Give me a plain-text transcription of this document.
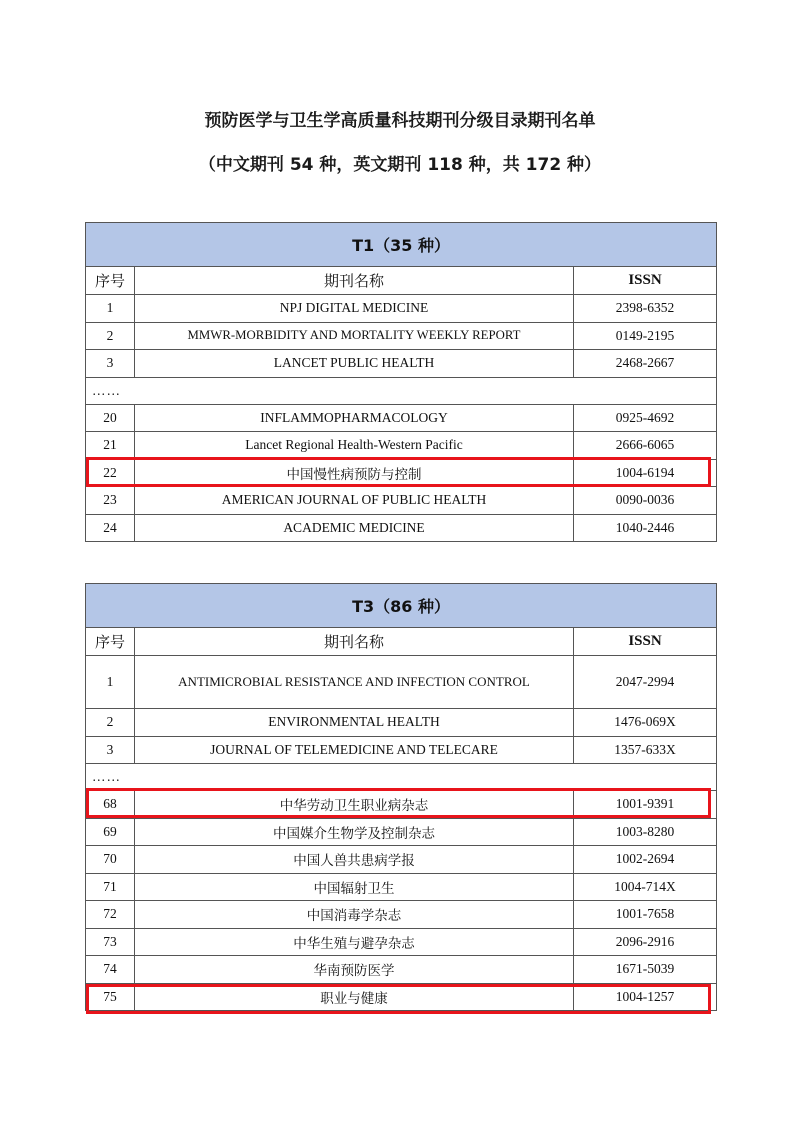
预防医学与卫生学高质量科技期刊分级目录期刊名单
（中文期刊 54 种，英文期刊 118 种，共 172 种）
T1（35 种）		
序号	期刊名称	ISSN
1	NPJ DIGITAL MEDICINE	2398-6352
2	MMWR-MORBIDITY AND MORTALITY WEEKLY REPORT	0149-2195
3	LANCET PUBLIC HEALTH	2468-2667
……		
20	INFLAMMOPHARMACOLOGY	0925-4692
21	Lancet Regional Health-Western Pacific	2666-6065
22	中国慢性病预防与控制	1004-6194
23	AMERICAN JOURNAL OF PUBLIC HEALTH	0090-0036
24	ACADEMIC MEDICINE	1040-2446
T3（86 种）		
序号	期刊名称	ISSN
1	ANTIMICROBIAL RESISTANCE AND INFECTION CONTROL	2047-2994
2	ENVIRONMENTAL HEALTH	1476-069X
3	JOURNAL OF TELEMEDICINE AND TELECARE	1357-633X
……		
68	中华劳动卫生职业病杂志	1001-9391
69	中国媒介生物学及控制杂志	1003-8280
70	中国人兽共患病学报	1002-2694
71	中国辐射卫生	1004-714X
72	中国消毒学杂志	1001-7658
73	中华生殖与避孕杂志	2096-2916
74	华南预防医学	1671-5039
75	职业与健康	1004-1257
